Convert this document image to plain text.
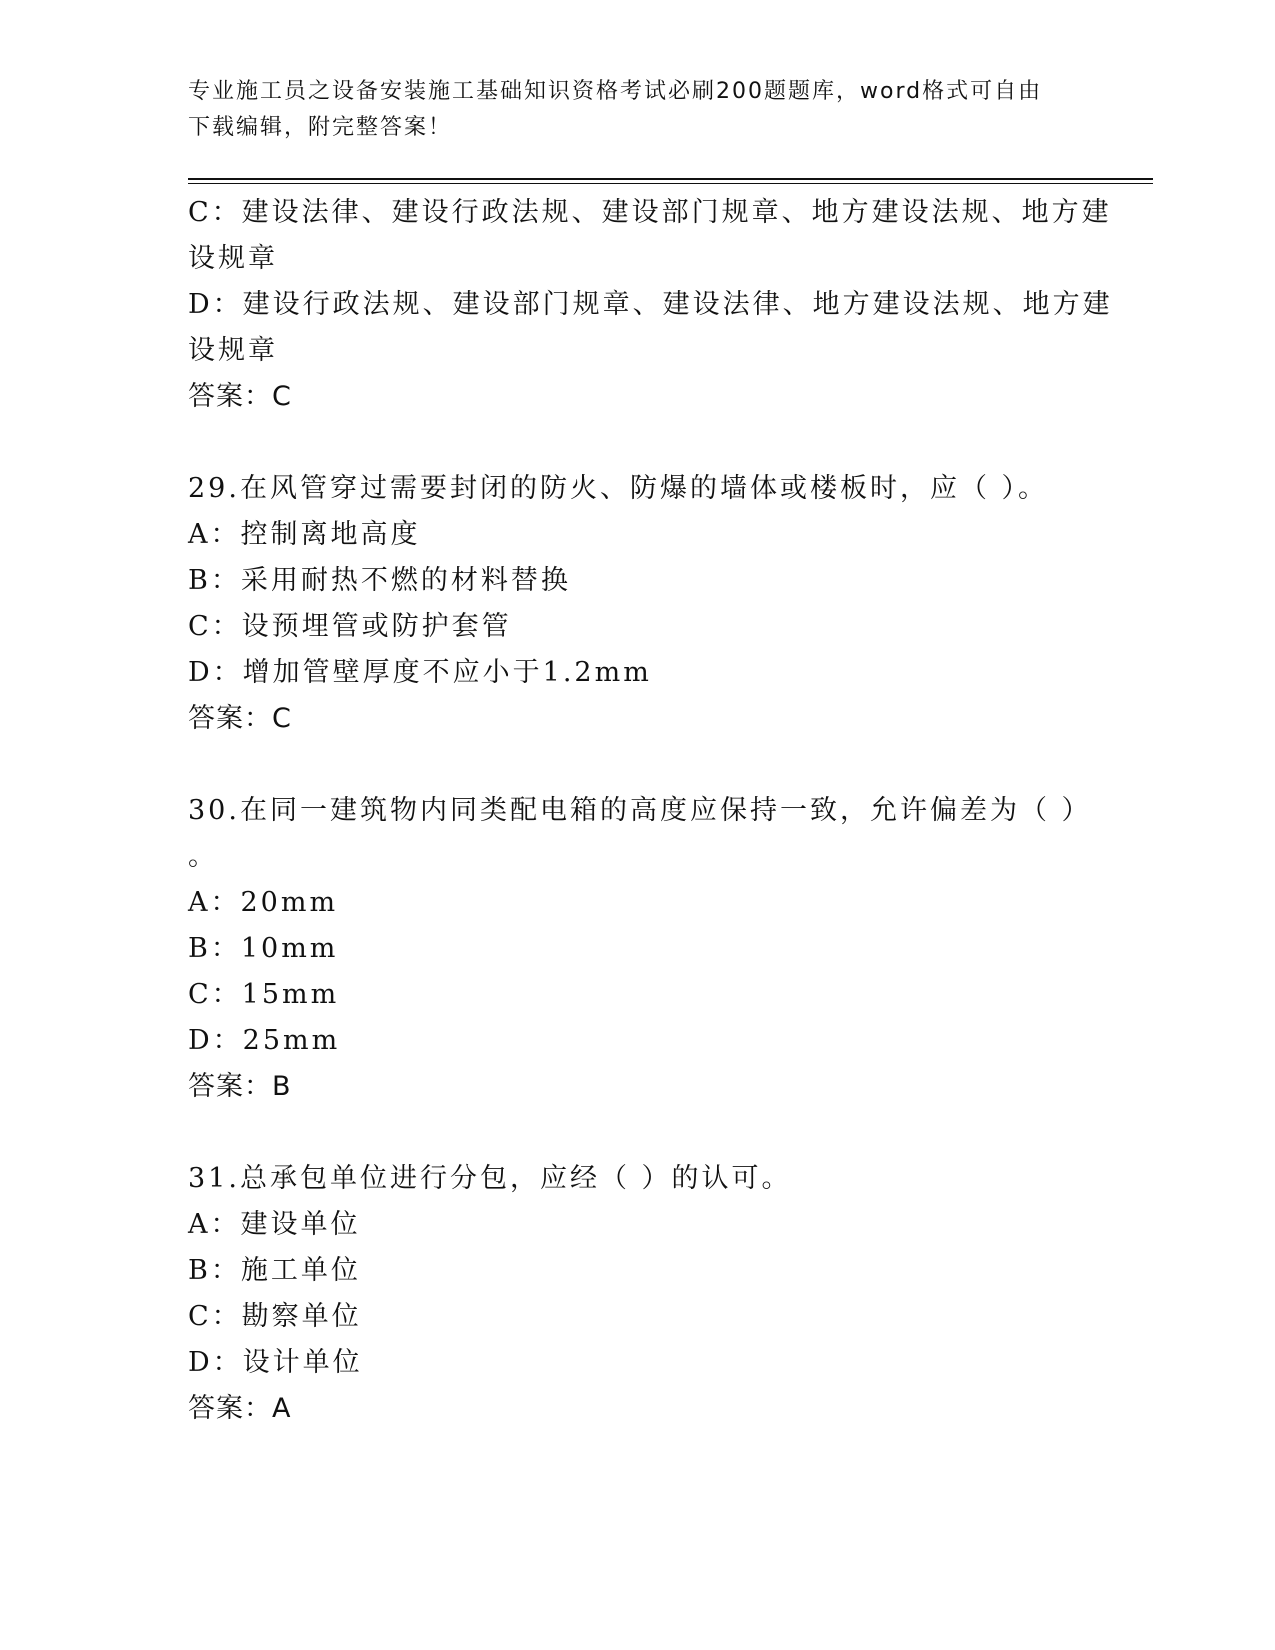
专业施工员之设备安装施工基础知识资格考试必刷200题题库，word格式可自由
下载编辑，附完整答案！
C：建设法律、建设行政法规、建设部门规章、地方建设法规、地方建
设规章
D：建设行政法规、建设部门规章、建设法律、地方建设法规、地方建
设规章
答案：C
29.在风管穿过需要封闭的防火、防爆的墙体或楼板时，应（ ）。
A：控制离地高度
B：采用耐热不燃的材料替换
C：设预埋管或防护套管
D：增加管壁厚度不应小于1.2mm
答案：C
30.在同一建筑物内同类配电箱的高度应保持一致，允许偏差为（ ）
。
A：20mm
B：10mm
C：15mm
D：25mm
答案：B
31.总承包单位进行分包，应经（ ）的认可。
A：建设单位
B：施工单位
C：勘察单位
D：设计单位
答案：A
